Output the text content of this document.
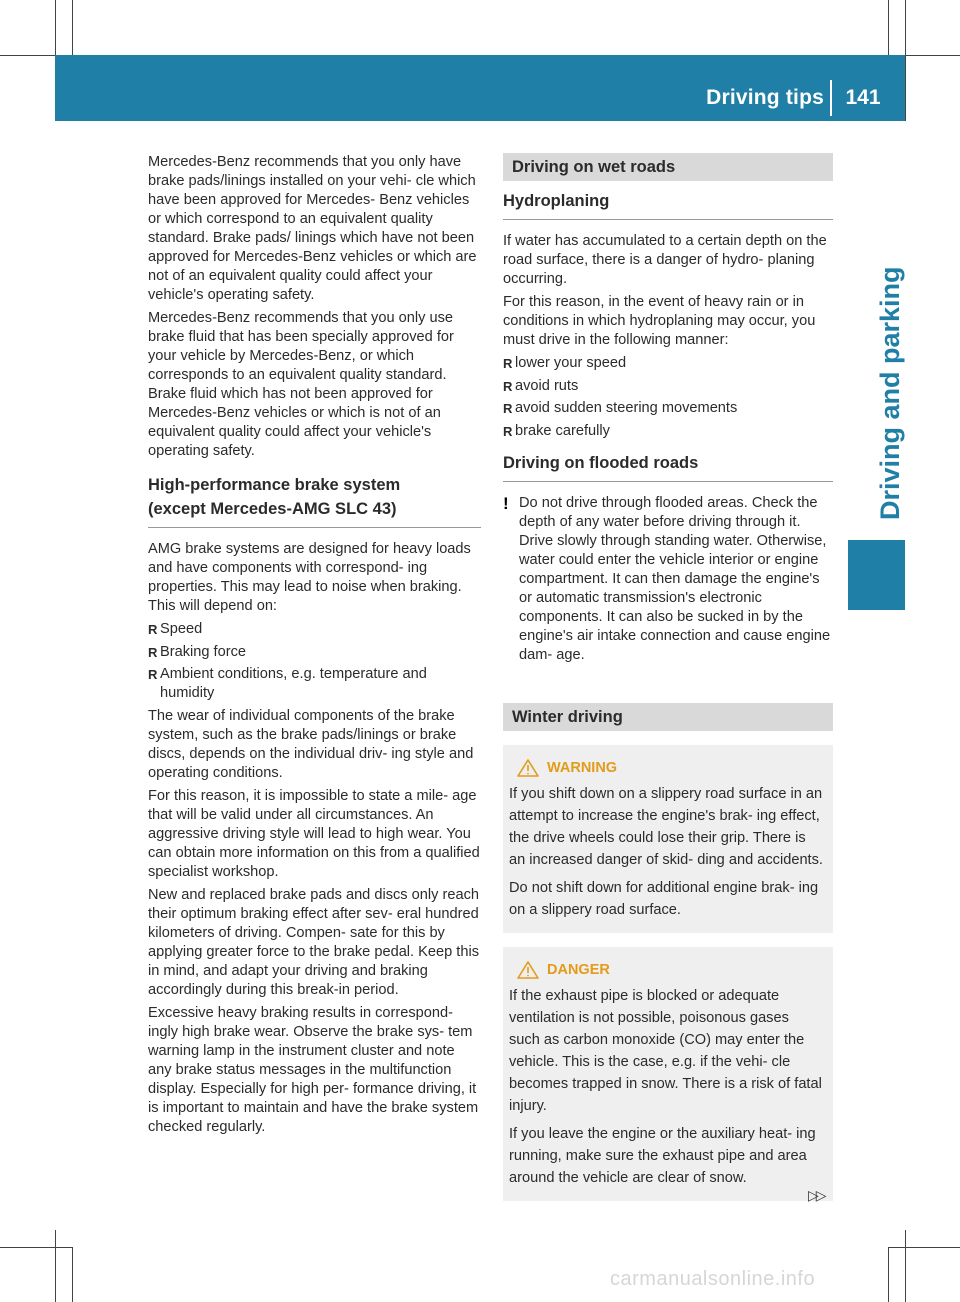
Driving tips	141
Driving and parking

Mercedes-Benz recommends that you only have brake pads/linings installed on your vehi- cle which have been approved for Mercedes- Benz vehicles or which correspond to an equivalent quality standard. Brake pads/ linings which have not been approved for Mercedes-Benz vehicles or which are not of an equivalent quality could affect your vehicle's operating safety.

Mercedes-Benz recommends that you only use brake fluid that has been specially approved for your vehicle by Mercedes-Benz, or which corresponds to an equivalent quality standard. Brake fluid which has not been approved for Mercedes-Benz vehicles or which is not of an equivalent quality could affect your vehicle's operating safety.

High-performance brake system
(except Mercedes-AMG SLC 43)

AMG brake systems are designed for heavy loads and have components with correspond- ing properties. This may lead to noise when braking. This will depend on:

R Speed
R Braking force
R Ambient conditions, e.g. temperature and humidity

The wear of individual components of the brake system, such as the brake pads/linings or brake discs, depends on the individual driv- ing style and operating conditions.

For this reason, it is impossible to state a mile- age that will be valid under all circumstances. An aggressive driving style will lead to high wear. You can obtain more information on this from a qualified specialist workshop.

New and replaced brake pads and discs only reach their optimum braking effect after sev- eral hundred kilometers of driving. Compen- sate for this by applying greater force to the brake pedal. Keep this in mind, and adapt your driving and braking accordingly during this break-in period.

Excessive heavy braking results in correspond- ingly high brake wear. Observe the brake sys- tem warning lamp in the instrument cluster and note any brake status messages in the multifunction display. Especially for high per- formance driving, it is important to maintain and have the brake system checked regularly.

Driving on wet roads
Hydroplaning

If water has accumulated to a certain depth on the road surface, there is a danger of hydro- planing occurring.

For this reason, in the event of heavy rain or in conditions in which hydroplaning may occur, you must drive in the following manner:

R lower your speed
R avoid ruts
R avoid sudden steering movements
R brake carefully
Driving on flooded roads
! Do not drive through flooded areas. Check the depth of any water before driving through it. Drive slowly through standing water. Otherwise, water could enter the vehicle interior or engine compartment. It can then damage the engine's or automatic transmission's electronic components. It can also be sucked in by the engine's air intake connection and cause engine dam- age.

Winter driving
WARNING

If you shift down on a slippery road surface in an attempt to increase the engine's brak- ing effect, the drive wheels could lose their grip. There is an increased danger of skid- ding and accidents.

Do not shift down for additional engine brak- ing on a slippery road surface.

DANGER

If the exhaust pipe is blocked or adequate ventilation is not possible, poisonous gases such as carbon monoxide (CO) may enter the vehicle. This is the case, e.g. if the vehi- cle becomes trapped in snow. There is a risk of fatal injury.

If you leave the engine or the auxiliary heat- ing running, make sure the exhaust pipe and area around the vehicle are clear of snow.

▷▷
carmanualsonline.info
